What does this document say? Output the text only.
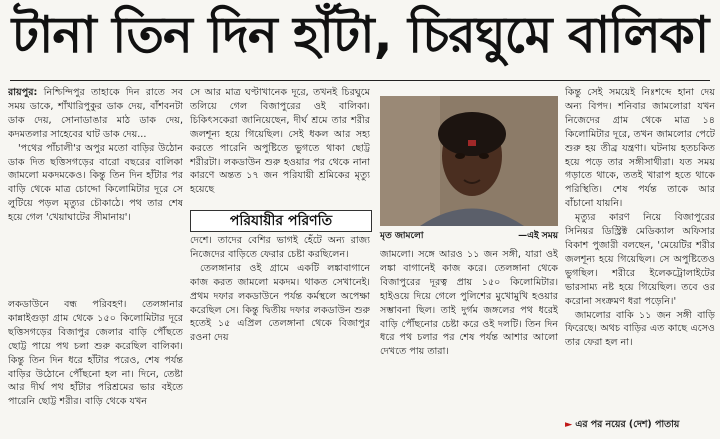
টানা তিন দিন হাঁটা, চিরঘুমে বালিকা

রায়পুর: নিশ্চিন্দিপুর তাহাকে দিন রাতে সব সময় ডাকে, শাঁখারিপুকুর ডাক দেয়, বাঁশবনটা ডাক দেয়, সোনাডাঙার মাঠ ডাক দেয়, কদমতলার সাহেবের ঘাট ডাক দেয়...

'পথের পাঁচালী'র অপুর মতো বাড়ির উঠোন ডাক দিত ছত্তিসগড়ের বারো বছরের বালিকা জামলো মকদমকেও। কিন্তু তিন দিন হাঁটার পর বাড়ি থেকে মাত্র চোদ্দো কিলোমিটার দূরে সে লুটিয়ে পড়ল মৃত্যুর চৌকাঠে। পথ তার শেষ হয়ে গেল 'খেয়াঘাটের সীমানায়'।

সে আর মাত্র ঘণ্টাখানেক দূরে, তখনই চিরঘুমে তলিয়ে গেল বিজাপুরের ওই বালিকা। চিকিৎসকেরা জানিয়েছেন, দীর্ঘ শ্রমে তার শরীর জলশূন্য হয়ে গিয়েছিল। সেই ধকল আর সহ্য করতে পারেনি অপুষ্টিতে ভুগতে থাকা ছোট্ট শরীরটা। লকডাউন শুরু হওয়ার পর থেকে নানা কারণে অন্তত ১৭ জন পরিযায়ী শ্রমিকের মৃত্যু হয়েছে

পরিযায়ীর পরিণতি
মৃত জামলো	—এই সময়

কিন্তু সেই সময়েই নিঃশব্দে হানা দেয় অন্য বিপদ। শনিবার জামলোরা যখন নিজেদের গ্রাম থেকে মাত্র ১৪ কিলোমিটার দূরে, তখন জামলোর পেটে শুরু হয় তীব্র যন্ত্রণা। ঘটনায় হতচকিত হয়ে পড়ে তার সঙ্গীসাথীরা। যত সময় গড়াতে থাকে, ততই খারাপ হতে থাকে পরিস্থিতি। শেষ পর্যন্ত তাকে আর বাঁচানো যায়নি।

মৃত্যুর কারণ নিয়ে বিজাপুরের সিনিয়র ডিস্ট্রিক্ট মেডিক্যাল অফিসার বিকাশ পুজারী বলছেন, 'মেয়েটির শরীর জলশূন্য হয়ে গিয়েছিল। সে অপুষ্টিতেও ভুগছিল। শরীরে ইলেকট্রোলাইটের ভারসাম্য নষ্ট হয়ে গিয়েছিল। তবে ওর করোনা সংক্রমণ ধরা পড়েনি।'

জামলোর বাকি ১১ জন সঙ্গী বাড়ি ফিরেছে। অথচ বাড়ির এত কাছে এসেও তার ফেরা হল না।

লকডাউনে বন্ধ পরিবহণ। তেলঙ্গানার কান্নাইগুড়া গ্রাম থেকে ১৫০ কিলোমিটার দূরে ছত্তিসগড়ের বিজাপুর জেলার বাড়ি পৌঁছতে ছোট্ট পায়ে পথ চলা শুরু করেছিল বালিকা। কিন্তু তিন দিন ধরে হাঁটার পরেও, শেষ পর্যন্ত বাড়ির উঠোনে পৌঁছনো হল না। দিনে, তেষ্টা আর দীর্ঘ পথ হাঁটার পরিশ্রমের ভার বইতে পারেনি ছোট্ট শরীর। বাড়ি থেকে যখন

দেশে। তাদের বেশির ভাগই হেঁটে অন্য রাজ্য নিজেদের বাড়িতে ফেরার চেষ্টা করছিলেন।

তেলঙ্গানার ওই গ্রামে একটি লঙ্কাবাগানে কাজ করত জামলো মকদম। থাকত সেখানেই। প্রথম দফার লকডাউনে পর্যন্ত কর্মস্থলে অপেক্ষা করেছিল সে। কিন্তু দ্বিতীয় দফার লকডাউন শুরু হতেই ১৫ এপ্রিল তেলঙ্গানা থেকে বিজাপুর রওনা দেয়

জামলো। সঙ্গে আরও ১১ জন সঙ্গী, যারা ওই লঙ্কা বাগানেই কাজ করে। তেলঙ্গানা থেকে বিজাপুরের দূরত্ব প্রায় ১৫০ কিলোমিটার। হাইওয়ে দিয়ে গেলে পুলিশের মুখোমুখি হওয়ার সম্ভাবনা ছিল। তাই দুর্গম জঙ্গলের পথ ধরেই বাড়ি পৌঁছনোর চেষ্টা করে ওই দলটি। তিন দিন ধরে পথ চলার পর শেষ পর্যন্ত আশার আলো দেখতে পায় তারা।

► এর পর নয়ের (দেশ) পাতায়
